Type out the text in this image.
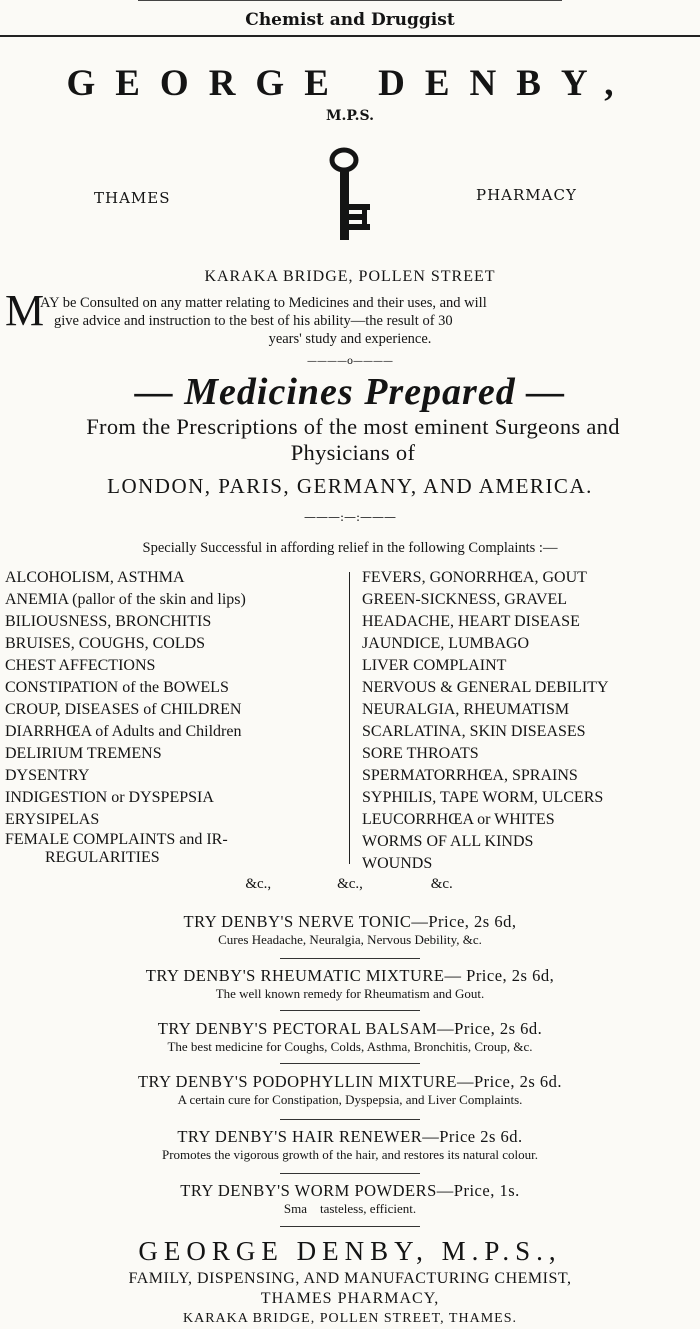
Chemist and Druggist
GEORGE DENBY,
M.P.S.
THAMES	PHARMACY
KARAKA BRIDGE, POLLEN STREET
M
AY be Consulted on any matter relating to Medicines and their uses, and will
give advice and instruction to the best of his ability—the result of 30
years' study and experience.
————o————
— Medicines Prepared —
From the Prescriptions of the most eminent Surgeons and
Physicians of
LONDON, PARIS, GERMANY, AND AMERICA.
———:—:———
Specially Successful in affording relief in the following Complaints :—
ALCOHOLISM, ASTHMA
ANEMIA (pallor of the skin and lips)
BILIOUSNESS, BRONCHITIS
BRUISES, COUGHS, COLDS
CHEST AFFECTIONS
CONSTIPATION of the BOWELS
CROUP, DISEASES of CHILDREN
DIARRHŒA of Adults and Children
DELIRIUM TREMENS
DYSENTRY
INDIGESTION or DYSPEPSIA
ERYSIPELAS
FEMALE COMPLAINTS and IR-
REGULARITIES
FEVERS, GONORRHŒA, GOUT
GREEN-SICKNESS, GRAVEL
HEADACHE, HEART DISEASE
JAUNDICE, LUMBAGO
LIVER COMPLAINT
NERVOUS & GENERAL DEBILITY
NEURALGIA, RHEUMATISM
SCARLATINA, SKIN DISEASES
SORE THROATS
SPERMATORRHŒA, SPRAINS
SYPHILIS, TAPE WORM, ULCERS
LEUCORRHŒA or WHITES
WORMS OF ALL KINDS
WOUNDS
&c.,	&c.,	&c.
TRY DENBY'S NERVE TONIC—Price, 2s 6d,
Cures Headache, Neuralgia, Nervous Debility, &c.
TRY DENBY'S RHEUMATIC MIXTURE— Price, 2s 6d,
The well known remedy for Rheumatism and Gout.
TRY DENBY'S PECTORAL BALSAM—Price, 2s 6d.
The best medicine for Coughs, Colds, Asthma, Bronchitis, Croup, &c.
TRY DENBY'S PODOPHYLLIN MIXTURE—Price, 2s 6d.
A certain cure for Constipation, Dyspepsia, and Liver Complaints.
TRY DENBY'S HAIR RENEWER—Price 2s 6d.
Promotes the vigorous growth of the hair, and restores its natural colour.
TRY DENBY'S WORM POWDERS—Price, 1s.
Sma    tasteless, efficient.
GEORGE DENBY, M.P.S.,
FAMILY, DISPENSING, AND MANUFACTURING CHEMIST,
THAMES PHARMACY,
KARAKA BRIDGE, POLLEN STREET, THAMES.
